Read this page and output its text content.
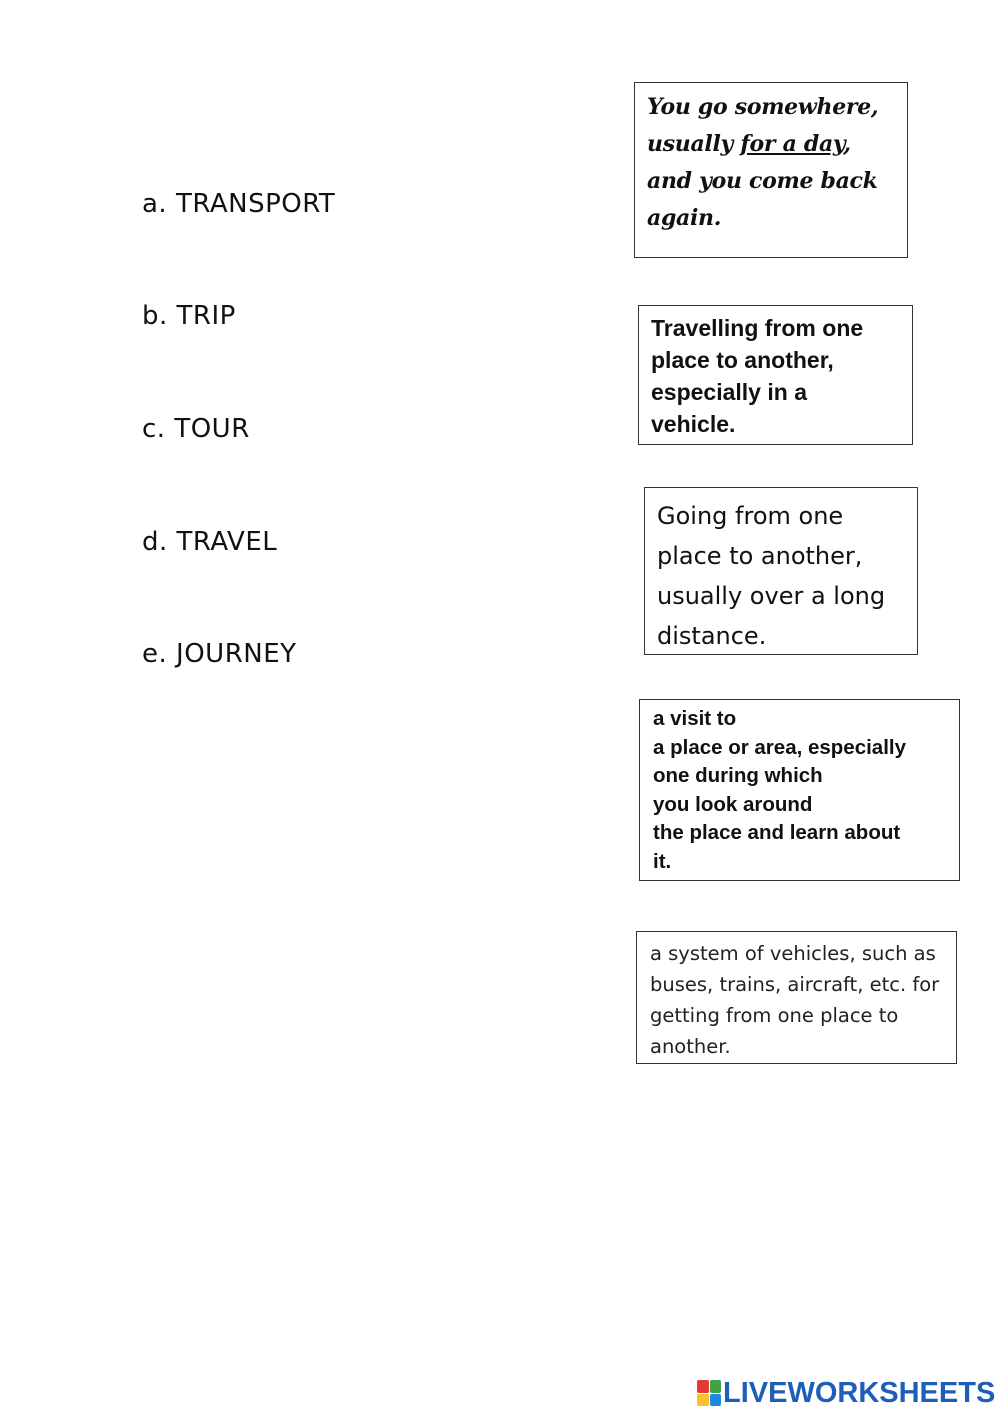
a. TRANSPORT
b. TRIP
c. TOUR
d. TRAVEL
e. JOURNEY
You go somewhere,
usually for a day,
and you come back
again.
Travelling from one
place to another,
especially in a
vehicle.
Going from one
place to another,
usually over a long
distance.
a visit to
a place or area, especially
one during which
you look around
the place and learn about
it.
a system of vehicles, such as
buses, trains, aircraft, etc. for
getting from one place to
another.
LIVEWORKSHEETS
